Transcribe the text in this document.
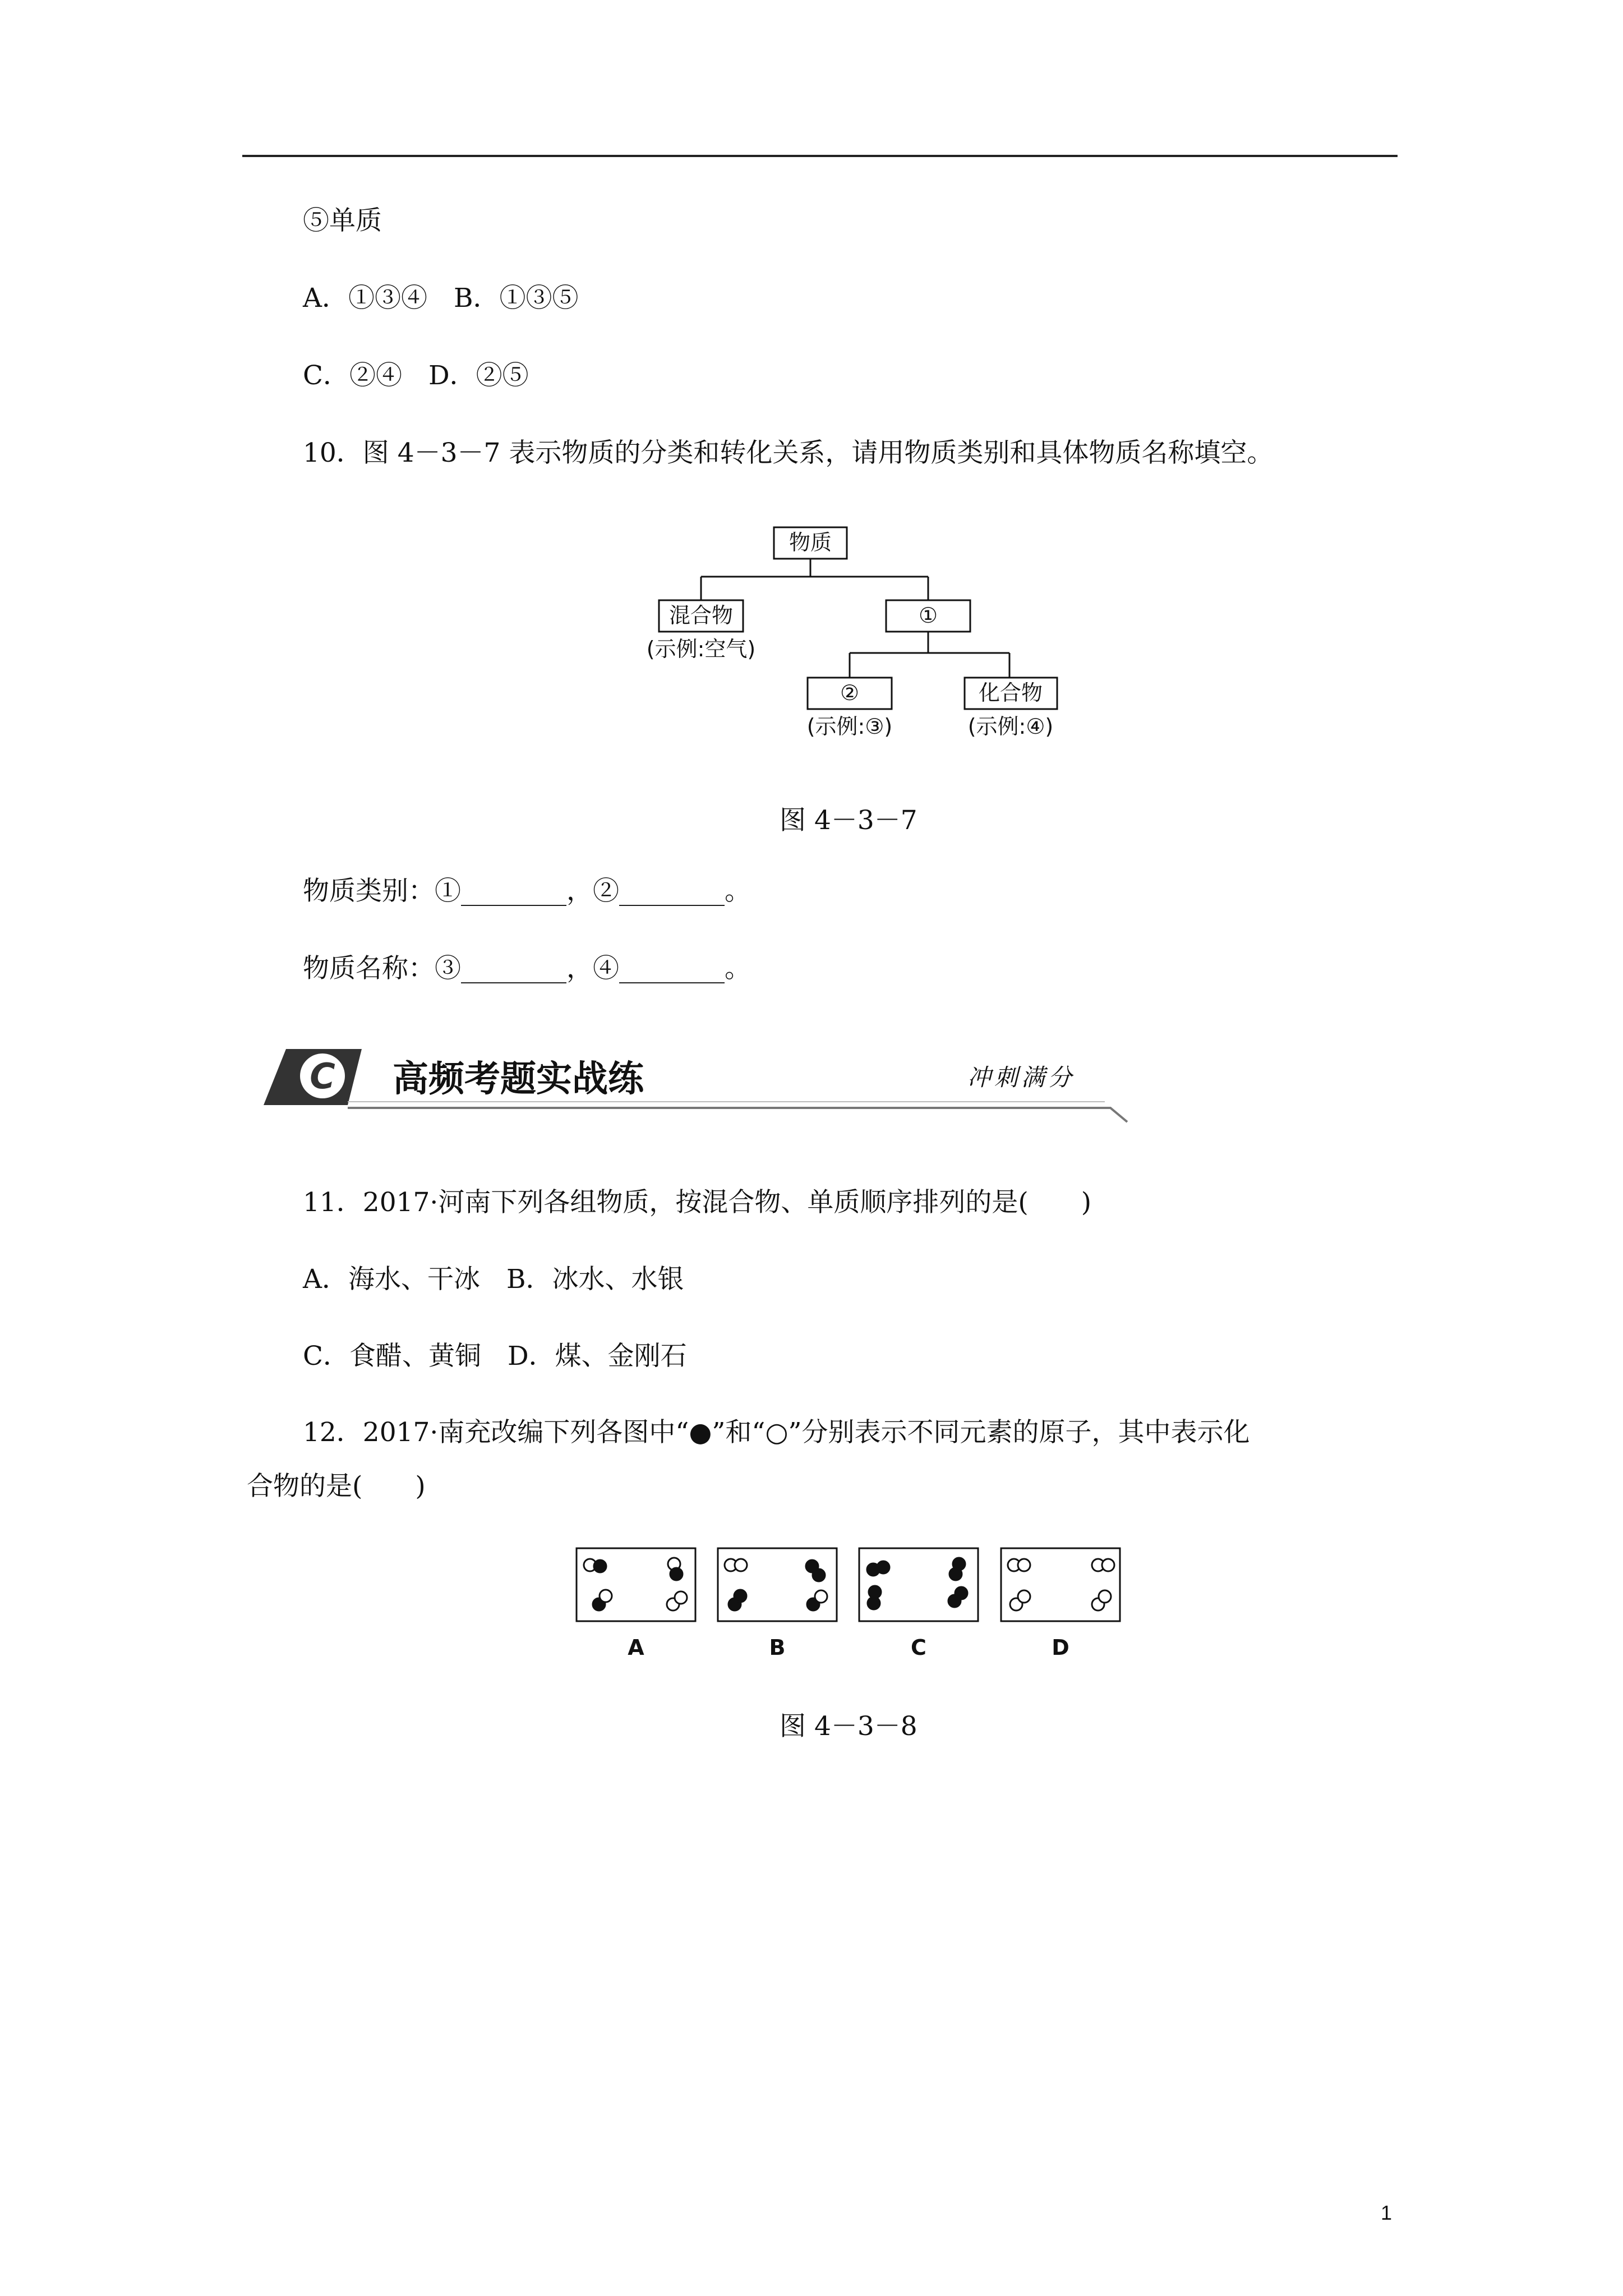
⑤单质
A．①③④　B．①③⑤
C．②④　D．②⑤
10．图 4－3－7 表示物质的分类和转化关系，请用物质类别和具体物质名称填空。
物质
混合物
(示例:空气)
①
②
(示例:③)
化合物
(示例:④)
图 4－3－7
物质类别：①________，②________。
物质名称：③________，④________。
C 高频考题实战练	冲刺满分
11．2017·河南下列各组物质，按混合物、单质顺序排列的是(　　)
A．海水、干冰　B．冰水、水银
C．食醋、黄铜　D．煤、金刚石
12．2017·南充改编下列各图中“●”和“○”分别表示不同元素的原子，其中表示化
合物的是(　　)
A	B	C	D
图 4－3－8
1
